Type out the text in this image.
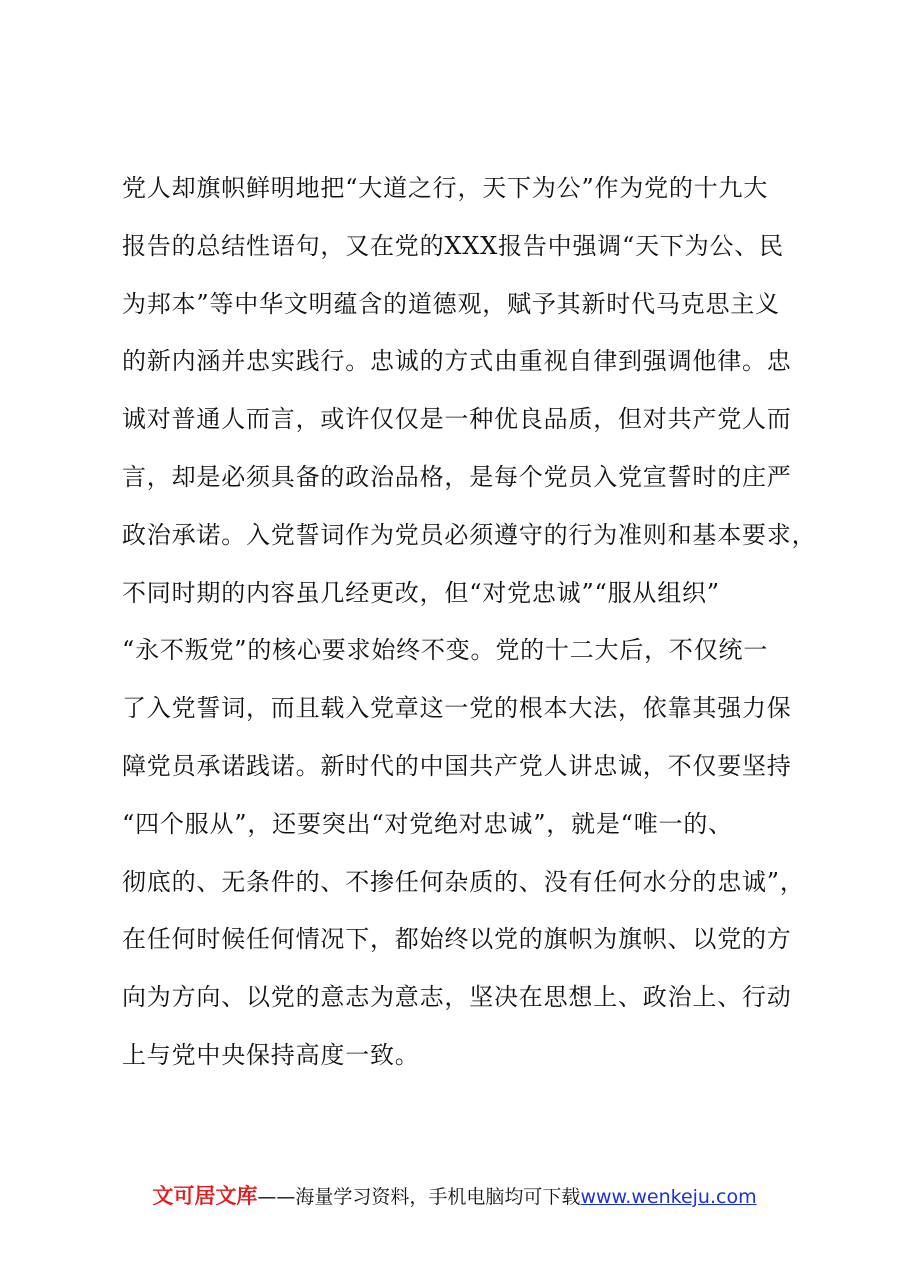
党人却旗帜鲜明地把“大道之行，天下为公”作为党的十九大
报告的总结性语句，又在党的XXX报告中强调“天下为公、民
为邦本”等中华文明蕴含的道德观，赋予其新时代马克思主义
的新内涵并忠实践行。忠诚的方式由重视自律到强调他律。忠
诚对普通人而言，或许仅仅是一种优良品质，但对共产党人而
言，却是必须具备的政治品格，是每个党员入党宣誓时的庄严
政治承诺。入党誓词作为党员必须遵守的行为准则和基本要求，
不同时期的内容虽几经更改，但“对党忠诚”“服从组织”
“永不叛党”的核心要求始终不变。党的十二大后，不仅统一
了入党誓词，而且载入党章这一党的根本大法，依靠其强力保
障党员承诺践诺。新时代的中国共产党人讲忠诚，不仅要坚持
“四个服从”，还要突出“对党绝对忠诚”，就是“唯一的、
彻底的、无条件的、不掺任何杂质的、没有任何水分的忠诚”，
在任何时候任何情况下，都始终以党的旗帜为旗帜、以党的方
向为方向、以党的意志为意志，坚决在思想上、政治上、行动
上与党中央保持高度一致。
文可居文库——海量学习资料，手机电脑均可下载www.wenkeju.com
